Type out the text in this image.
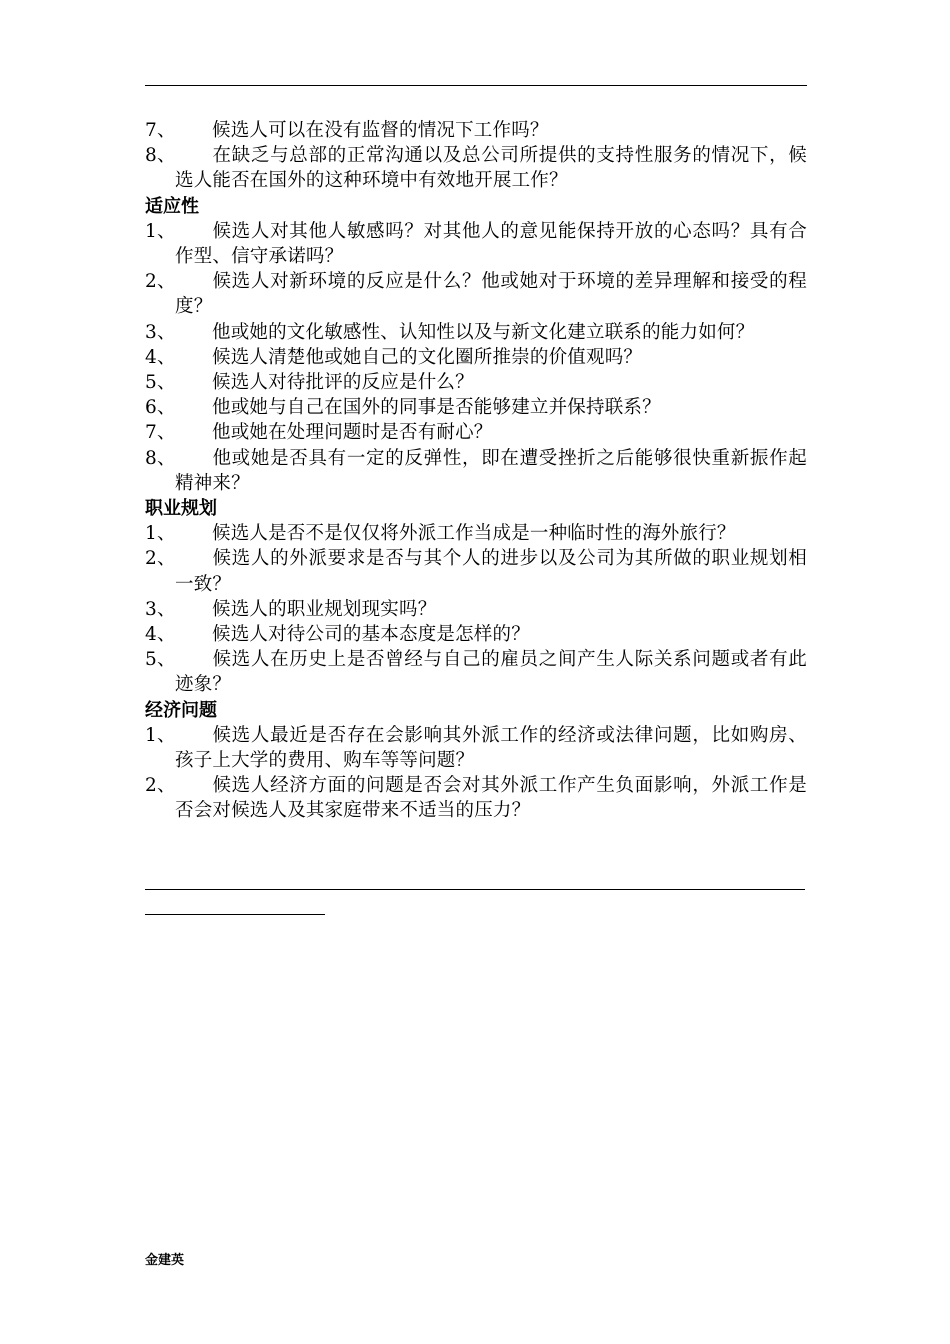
7、 候选人可以在没有监督的情况下工作吗？

8、 在缺乏与总部的正常沟通以及总公司所提供的支持性服务的情况下，候选人能否在国外的这种环境中有效地开展工作？

适应性

1、 候选人对其他人敏感吗？对其他人的意见能保持开放的心态吗？具有合作型、信守承诺吗？

2、 候选人对新环境的反应是什么？他或她对于环境的差异理解和接受的程度？

3、 他或她的文化敏感性、认知性以及与新文化建立联系的能力如何？

4、 候选人清楚他或她自己的文化圈所推崇的价值观吗？

5、 候选人对待批评的反应是什么？

6、 他或她与自己在国外的同事是否能够建立并保持联系？

7、 他或她在处理问题时是否有耐心？

8、 他或她是否具有一定的反弹性，即在遭受挫折之后能够很快重新振作起精神来？

职业规划

1、 候选人是否不是仅仅将外派工作当成是一种临时性的海外旅行？

2、 候选人的外派要求是否与其个人的进步以及公司为其所做的职业规划相一致？

3、 候选人的职业规划现实吗？

4、 候选人对待公司的基本态度是怎样的？

5、 候选人在历史上是否曾经与自己的雇员之间产生人际关系问题或者有此迹象？

经济问题

1、 候选人最近是否存在会影响其外派工作的经济或法律问题，比如购房、孩子上大学的费用、购车等等问题？

2、 候选人经济方面的问题是否会对其外派工作产生负面影响，外派工作是否会对候选人及其家庭带来不适当的压力？

金建英
